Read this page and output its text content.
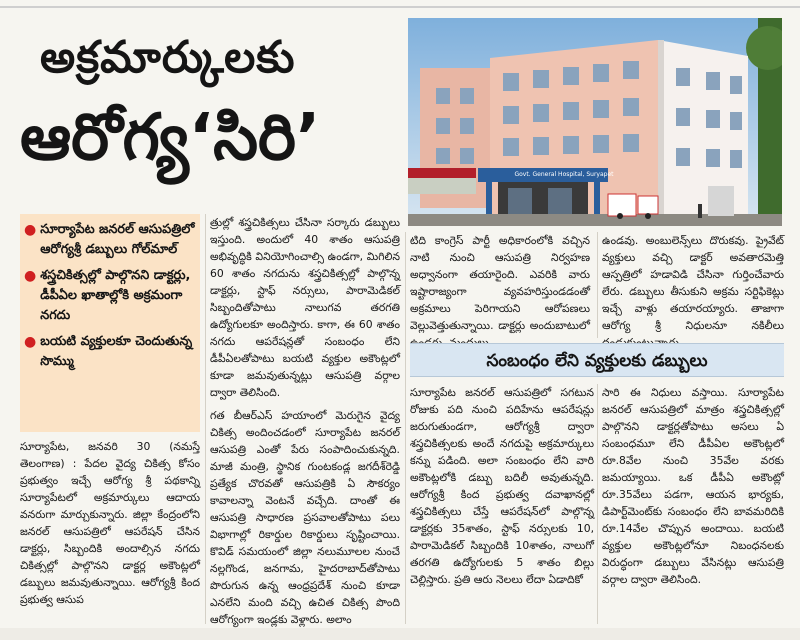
అక్రమార్కులకు
ఆరోగ్య‘సిరి’	Govt. General Hospital, Suryapet
● సూర్యాపేట జనరల్ ఆసుపత్రిలో ఆరోగ్యశ్రీ డబ్బులు గోల్‌మాల్
● శస్త్రచికిత్సల్లో పాల్గొనని డాక్టర్లు, డీపీఏల ఖాతాల్లోకి అక్రమంగా నగదు
● బయటి వ్యక్తులకూ చెందుతున్న సొమ్ము

సూర్యాపేట, జనవరి 30 (నమస్తే తెలంగాణ) : పేదల వైద్య చికిత్స కోసం ప్రభుత్వం ఇచ్చే ఆరోగ్య శ్రీ పథకాన్ని సూర్యాపేటలో అక్రమార్కులు ఆదాయ వనరుగా మార్చుకున్నారు. జిల్లా కేంద్రంలోని జనరల్ ఆసుపత్రిలో ఆపరేషన్ చేసిన డాక్టర్లు, సిబ్బందికి అందాల్సిన నగదు చికిత్సల్లో పాల్గొనని డాక్టర్ల అకౌంట్లలో డబ్బులు జమవుతున్నాయి. ఆరోగ్యశ్రీ కింద ప్రభుత్వ ఆసుప

త్రుల్లో శస్త్రచికిత్సలు చేసినా సర్కారు డబ్బులు ఇస్తుంది. అందులో 40 శాతం ఆసుపత్రి అభివృద్ధికి వినియోగించాల్సి ఉండగా, మిగిలిన 60 శాతం నగదును శస్త్రచికిత్సల్లో పాల్గొన్న డాక్టర్లు, స్టాఫ్ నర్సులు, పారామెడికల్ సిబ్బందితోపాటు నాలుగవ తరగతి ఉద్యోగులకూ అందిస్తారు. కాగా, ఈ 60 శాతం నగదు ఆపరేషన్లతో సంబంధం లేని డీపీఏలతోపాటు బయటి వ్యక్తుల అకౌంట్లలో కూడా జమవుతున్నట్లు ఆసుపత్రి వర్గాల ద్వారా తెలిసింది.

గత బీఆర్ఎస్ హయాంలో మెరుగైన వైద్య చికిత్స అందించడంలో సూర్యాపేట జనరల్ ఆసుపత్రి ఎంతో పేరు సంపాదించుకున్నది. మాజీ మంత్రి, స్థానిక గుంటకండ్ల జగదీశ్‌రెడ్డి ప్రత్యేక చొరవతో ఆసుపత్రికి ఏ సౌకర్యం కావాలన్నా వెంటనే వచ్చేది. దాంతో ఈ ఆసుపత్రి సాధారణ ప్రసవాలతోపాటు పలు విభాగాల్లో రికార్డుల రికార్డులు సృష్టించాయి. కొవిడ్ సమయంలో జిల్లా నలుమూలల నుంచే నల్లగొండ, జనగామ, హైదరాబాద్‌తోపాటు పొరుగున ఉన్న ఆంధ్రప్రదేశ్ నుంచి కూడా ఎనలేని మంది వచ్చి ఉచిత చికిత్స పొంది ఆరోగ్యంగా ఇండ్లకు వెళ్లారు. అలాం

టిది కాంగ్రెస్ పార్టీ అధికారంలోకి వచ్చిన నాటి నుంచి ఆసుపత్రి నిర్వహణ అధ్వానంగా తయారైంది. ఎవరికి వారు ఇష్టారాజ్యంగా వ్యవహరిస్తుండడంతో అక్రమాలు పెరిగాయని ఆరోపణలు వెల్లువెత్తుతున్నాయి. డాక్టర్లు అందుబాటులో

ఉండవు. అంబులెన్స్‌లు దొరుకవు. ప్రైవేట్ వ్యక్తులు వచ్చి డాక్టర్ అవతారమెత్తి ఆస్పత్రిలో హడావిడి చేసినా గుర్తించేవారు లేరు. డబ్బులు తీసుకుని అక్రమ సర్టిఫికెట్లు ఇచ్చే వాళ్లు తయారయ్యారు. తాజాగా ఆరోగ్య శ్రీ నిధులనూ నకిలీలు

సంబంధం లేని వ్యక్తులకు డబ్బులు

సూర్యాపేట జనరల్ ఆసుపత్రిలో సగటున రోజుకు పది నుంచి పదిహేను ఆపరేషన్లు జరుగుతుండగా, ఆరోగ్యశ్రీ ద్వారా శస్త్రచికిత్సలకు అందే నగదుపై అక్రమార్కులు కన్ను పడింది. అలా సంబంధం లేని వారి అకౌంట్లలోకి డబ్బు బదిలీ అవుతున్నది. ఆరోగ్యశ్రీ కింద ప్రభుత్వ దవాఖానల్లో శస్త్రచికిత్సలు చేస్తే ఆపరేషన్‌లో పాల్గొన్న డాక్టర్లకు 35శాతం, స్టాఫ్ నర్సులకు 10, పారామెడికల్ సిబ్బందికి 10శాతం, నాలుగో తరగతి ఉద్యోగులకు 5 శాతం బిల్లు చెల్లిస్తారు. ప్రతి ఆరు నెలలు లేదా ఏడాదికో

సారి ఈ నిధులు వస్తాయి. సూర్యాపేట జనరల్ ఆసుపత్రిలో మాత్రం శస్త్రచికిత్సల్లో పాల్గొనని డాక్టర్లతోపాటు అసలు ఏ సంబంధమూ లేని డీపీఏల అకౌంట్లలో రూ.8వేల నుంచి 35వేల వరకు జమయ్యాయి. ఒక డీపీఏ అకౌంట్లో రూ.35వేలు పడగా, ఆయన భార్యకు, డిపార్ట్‌మెంట్‌కు సంబంధం లేని బావమరిదికి రూ.14వేల చొప్పున అందాయి. బయటి వ్యక్తుల అకౌంట్లలోనూ నిబంధనలకు విరుద్ధంగా డబ్బులు వేసినట్లు ఆసుపత్రి వర్గాల ద్వారా తెలిసింది.
